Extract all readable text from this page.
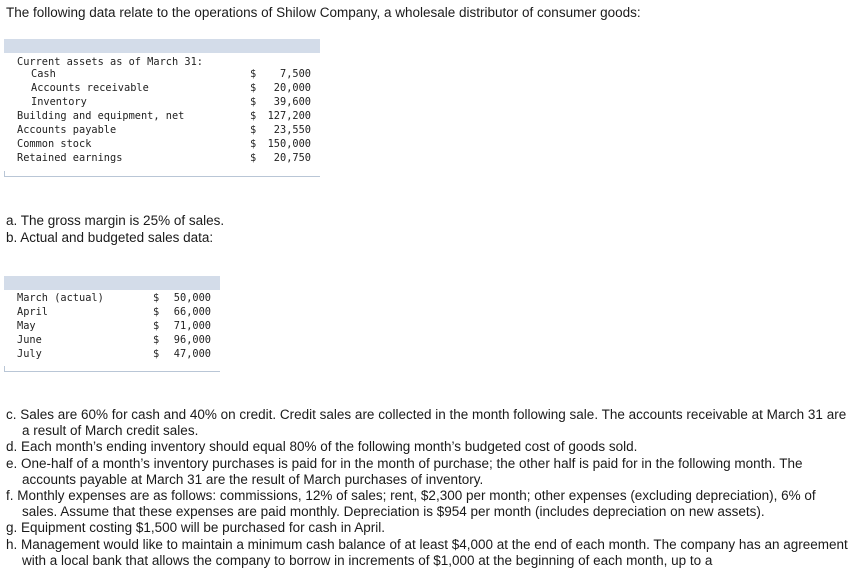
The following data relate to the operations of Shilow Company, a wholesale distributor of consumer goods:
Current assets as of March 31:
Cash	$	7,500
Accounts receivable	$	20,000
Inventory	$	39,600
Building and equipment, net	$	127,200
Accounts payable	$	23,550
Common stock	$	150,000
Retained earnings	$	20,750
a. The gross margin is 25% of sales.
b. Actual and budgeted sales data:
March (actual)	$	50,000
April	$	66,000
May	$	71,000
June	$	96,000
July	$	47,000

c. Sales are 60% for cash and 40% on credit. Credit sales are collected in the month following sale. The accounts receivable at March 31 are a result of March credit sales.

d. Each month’s ending inventory should equal 80% of the following month’s budgeted cost of goods sold.

e. One-half of a month’s inventory purchases is paid for in the month of purchase; the other half is paid for in the following month. The accounts payable at March 31 are the result of March purchases of inventory.

f. Monthly expenses are as follows: commissions, 12% of sales; rent, $2,300 per month; other expenses (excluding depreciation), 6% of sales. Assume that these expenses are paid monthly. Depreciation is $954 per month (includes depreciation on new assets).

g. Equipment costing $1,500 will be purchased for cash in April.

h. Management would like to maintain a minimum cash balance of at least $4,000 at the end of each month. The company has an agreement with a local bank that allows the company to borrow in increments of $1,000 at the beginning of each month, up to a
